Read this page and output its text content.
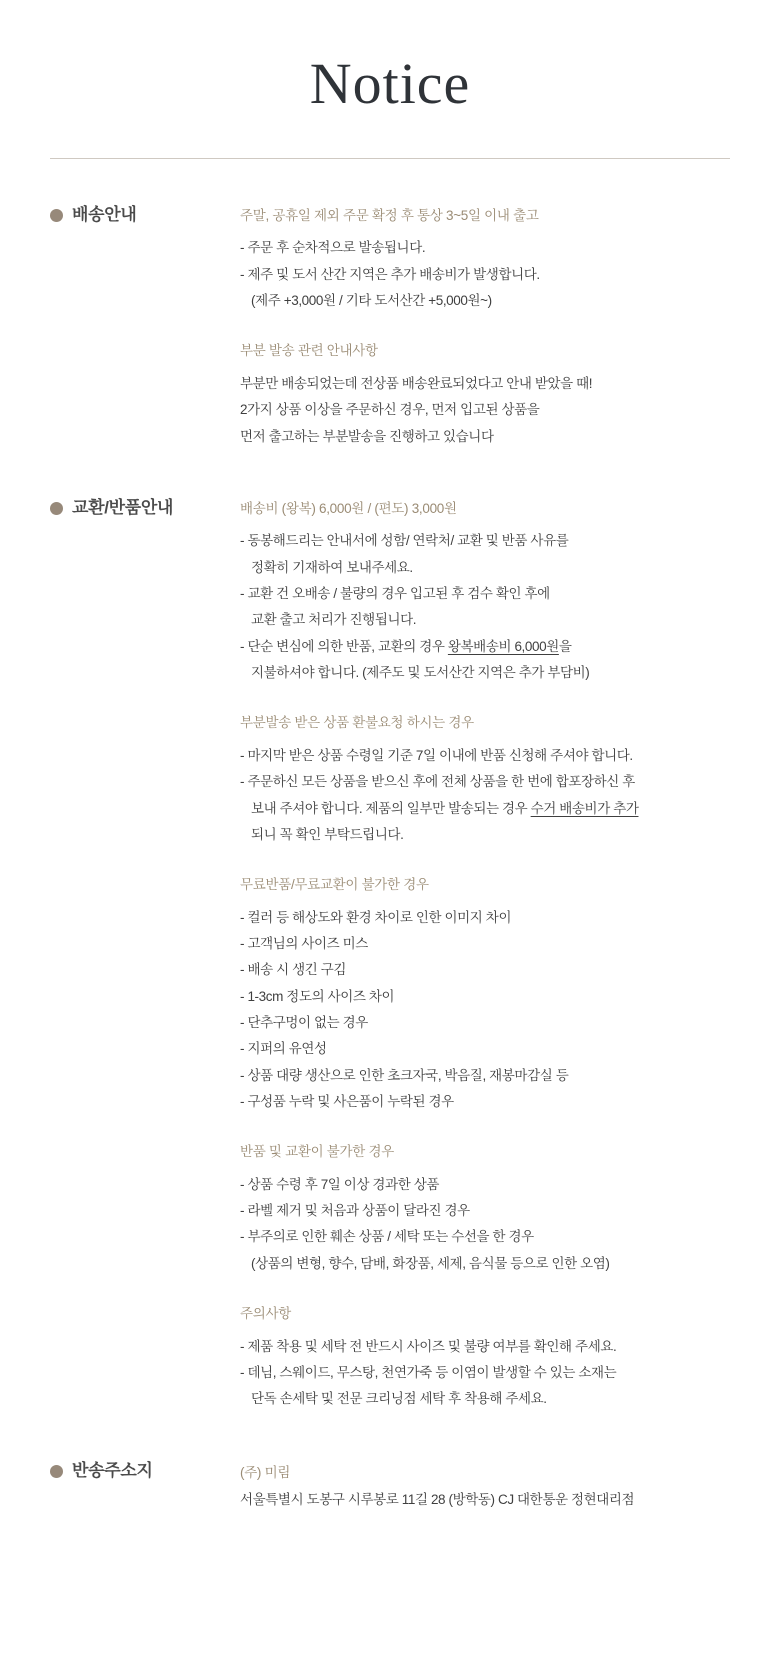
Notice
배송안내	주말, 공휴일 제외 주문 확정 후 통상 3~5일 이내 출고
- 주문 후 순차적으로 발송됩니다.
- 제주 및 도서 산간 지역은 추가 배송비가 발생합니다.
(제주 +3,000원 / 기타 도서산간 +5,000원~)
부분 발송 관련 안내사항
부분만 배송되었는데 전상품 배송완료되었다고 안내 받았을 때!
2가지 상품 이상을 주문하신 경우, 먼저 입고된 상품을
먼저 출고하는 부분발송을 진행하고 있습니다
교환/반품안내	배송비 (왕복) 6,000원 / (편도) 3,000원
- 동봉해드리는 안내서에 성함/ 연락처/ 교환 및 반품 사유를
정확히 기재하여 보내주세요.
- 교환 건 오배송 / 불량의 경우 입고된 후 검수 확인 후에
교환 출고 처리가 진행됩니다.
- 단순 변심에 의한 반품, 교환의 경우 왕복배송비 6,000원을
지불하셔야 합니다. (제주도 및 도서산간 지역은 추가 부담비)
부분발송 받은 상품 환불요청 하시는 경우
- 마지막 받은 상품 수령일 기준 7일 이내에 반품 신청해 주셔야 합니다.
- 주문하신 모든 상품을 받으신 후에 전체 상품을 한 번에 합포장하신 후
보내 주셔야 합니다. 제품의 일부만 발송되는 경우 수거 배송비가 추가
되니 꼭 확인 부탁드립니다.
무료반품/무료교환이 불가한 경우
- 컬러 등 해상도와 환경 차이로 인한 이미지 차이
- 고객님의 사이즈 미스
- 배송 시 생긴 구김
- 1-3cm 정도의 사이즈 차이
- 단추구멍이 없는 경우
- 지퍼의 유연성
- 상품 대량 생산으로 인한 초크자국, 박음질, 재봉마감실 등
- 구성품 누락 및 사은품이 누락된 경우
반품 및 교환이 불가한 경우
- 상품 수령 후 7일 이상 경과한 상품
- 라벨 제거 및 처음과 상품이 달라진 경우
- 부주의로 인한 훼손 상품 / 세탁 또는 수선을 한 경우
(상품의 변형, 향수, 담배, 화장품, 세제, 음식물 등으로 인한 오염)
주의사항
- 제품 착용 및 세탁 전 반드시 사이즈 및 불량 여부를 확인해 주세요.
- 데님, 스웨이드, 무스탕, 천연가죽 등 이염이 발생할 수 있는 소재는
단독 손세탁 및 전문 크리닝점 세탁 후 착용해 주세요.
반송주소지	(주) 미림
서울특별시 도봉구 시루봉로 11길 28 (방학동) CJ 대한통운 정현대리점
